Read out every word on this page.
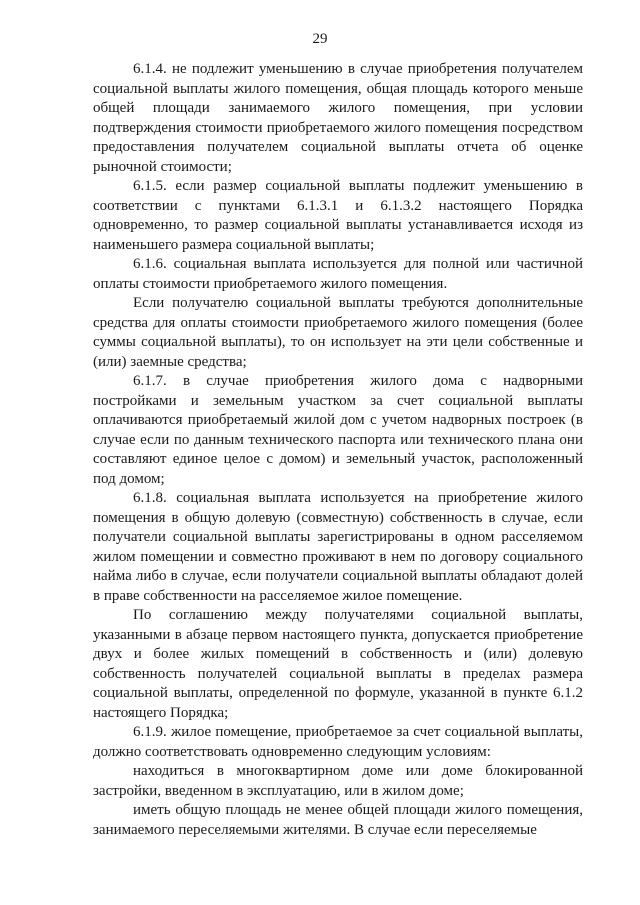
29

6.1.4. не подлежит уменьшению в случае приобретения получателем социальной выплаты жилого помещения, общая площадь которого меньше общей площади занимаемого жилого помещения, при условии подтверждения стоимости приобретаемого жилого помещения посредством предоставления получателем социальной выплаты отчета об оценке рыночной стоимости;

6.1.5. если размер социальной выплаты подлежит уменьшению в соответствии с пунктами 6.1.3.1 и 6.1.3.2 настоящего Порядка одновременно, то размер социальной выплаты устанавливается исходя из наименьшего размера социальной выплаты;

6.1.6. социальная выплата используется для полной или частичной оплаты стоимости приобретаемого жилого помещения.

Если получателю социальной выплаты требуются дополнительные средства для оплаты стоимости приобретаемого жилого помещения (более суммы социальной выплаты), то он использует на эти цели собственные и (или) заемные средства;

6.1.7. в случае приобретения жилого дома с надворными постройками и земельным участком за счет социальной выплаты оплачиваются приобретаемый жилой дом с учетом надворных построек (в случае если по данным технического паспорта или технического плана они составляют единое целое с домом) и земельный участок, расположенный под домом;

6.1.8. социальная выплата используется на приобретение жилого помещения в общую долевую (совместную) собственность в случае, если получатели социальной выплаты зарегистрированы в одном расселяемом жилом помещении и совместно проживают в нем по договору социального найма либо в случае, если получатели социальной выплаты обладают долей в праве собственности на расселяемое жилое помещение.

По соглашению между получателями социальной выплаты, указанными в абзаце первом настоящего пункта, допускается приобретение двух и более жилых помещений в собственность и (или) долевую собственность получателей социальной выплаты в пределах размера социальной выплаты, определенной по формуле, указанной в пункте 6.1.2 настоящего Порядка;

6.1.9. жилое помещение, приобретаемое за счет социальной выплаты, должно соответствовать одновременно следующим условиям:

находиться в многоквартирном доме или доме блокированной застройки, введенном в эксплуатацию, или в жилом доме;

иметь общую площадь не менее общей площади жилого помещения, занимаемого переселяемыми жителями. В случае если переселяемые
